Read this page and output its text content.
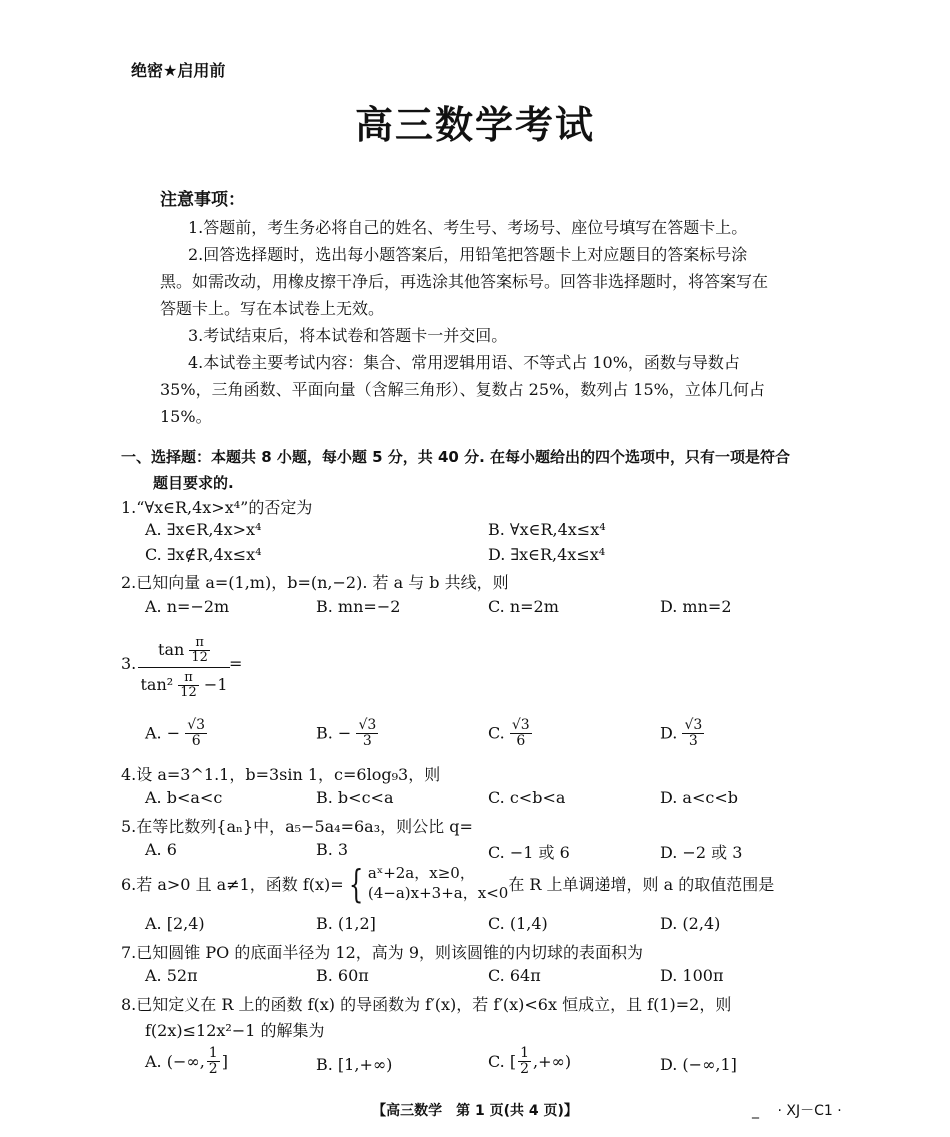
绝密★启用前
高三数学考试
注意事项：
1.答题前，考生务必将自己的姓名、考生号、考场号、座位号填写在答题卡上。
2.回答选择题时，选出每小题答案后，用铅笔把答题卡上对应题目的答案标号涂
黑。如需改动，用橡皮擦干净后，再选涂其他答案标号。回答非选择题时，将答案写在
答题卡上。写在本试卷上无效。
3.考试结束后，将本试卷和答题卡一并交回。
4.本试卷主要考试内容：集合、常用逻辑用语、不等式占 10%，函数与导数占
35%，三角函数、平面向量（含解三角形）、复数占 25%，数列占 15%，立体几何占
15%。
一、选择题：本题共 8 小题，每小题 5 分，共 40 分. 在每小题给出的四个选项中，只有一项是符合
题目要求的.
1.“∀x∈R,4x>x⁴”的否定为
A. ∃x∈R,4x>x⁴	B. ∀x∈R,4x≤x⁴
C. ∃x∉R,4x≤x⁴	D. ∃x∈R,4x≤x⁴
2.已知向量 a=(1,m)，b=(n,−2). 若 a 与 b 共线，则
A. n=−2m	B. mn=−2	C. n=2m	D. mn=2
3. $\frac{\tan \frac{\pi}{12}}{\tan^2 \frac{\pi}{12} -1}$ =
A. − $\frac{√3}{6}$	B. − $\frac{√3}{3}$	C. $\frac{√3}{6}$	D. $\frac{√3}{3}$
4.设 a=3^1.1，b=3sin 1，c=6log₉3，则
A. b<a<c	B. b<c<a	C. c<b<a	D. a<c<b
5.在等比数列{aₙ}中，a₅−5a₄=6a₃，则公比 q=
A. 6	B. 3	C. −1 或 6	D. −2 或 3
6.若 a>0 且 a≠1，函数 f(x)= { aˣ+2a，x≥0，
(4−a)x+3+a，x<0 在 R 上单调递增，则 a 的取值范围是
A. [2,4)	B. (1,2]	C. (1,4)	D. (2,4)
7.已知圆锥 PO 的底面半径为 12，高为 9，则该圆锥的内切球的表面积为
A. 52π	B. 60π	C. 64π	D. 100π
8.已知定义在 R 上的函数 f(x) 的导函数为 f′(x)，若 f′(x)<6x 恒成立，且 f(1)=2，则
f(2x)≤12x²−1 的解集为
A. (−∞, $\frac{1}{2}$ ]	B. [1,+∞)	C. [ $\frac{1}{2}$ ,+∞)	D. (−∞,1]
【高三数学　第 1 页(共 4 页)】	_　 · XJ－C1 ·
